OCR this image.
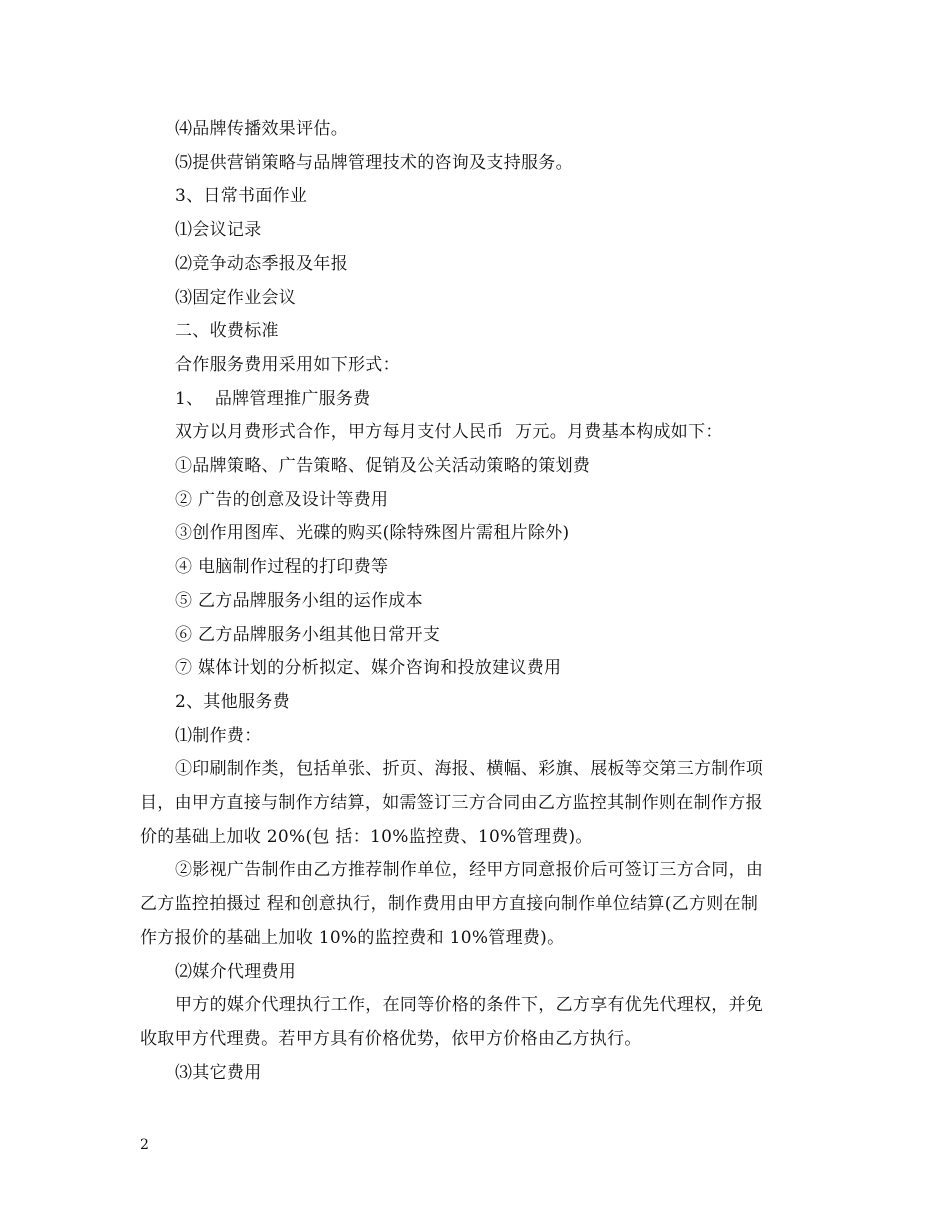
⑷品牌传播效果评估。

⑸提供营销策略与品牌管理技术的咨询及支持服务。

3、日常书面作业

⑴会议记录

⑵竞争动态季报及年报

⑶固定作业会议

二、收费标准

合作服务费用采用如下形式：

1、  品牌管理推广服务费

双方以月费形式合作，甲方每月支付人民币  万元。月费基本构成如下：

①品牌策略、广告策略、促销及公关活动策略的策划费

② 广告的创意及设计等费用

③创作用图库、光碟的购买(除特殊图片需租片除外)

④ 电脑制作过程的打印费等

⑤ 乙方品牌服务小组的运作成本

⑥ 乙方品牌服务小组其他日常开支

⑦ 媒体计划的分析拟定、媒介咨询和投放建议费用

2、其他服务费

⑴制作费：

①印刷制作类，包括单张、折页、海报、横幅、彩旗、展板等交第三方制作项

目，由甲方直接与制作方结算，如需签订三方合同由乙方监控其制作则在制作方报

价的基础上加收 20%(包 括：10%监控费、10%管理费)。

②影视广告制作由乙方推荐制作单位，经甲方同意报价后可签订三方合同，由

乙方监控拍摄过 程和创意执行，制作费用由甲方直接向制作单位结算(乙方则在制

作方报价的基础上加收 10%的监控费和 10%管理费)。

⑵媒介代理费用

甲方的媒介代理执行工作，在同等价格的条件下，乙方享有优先代理权，并免

收取甲方代理费。若甲方具有价格优势，依甲方价格由乙方执行。

⑶其它费用

2
